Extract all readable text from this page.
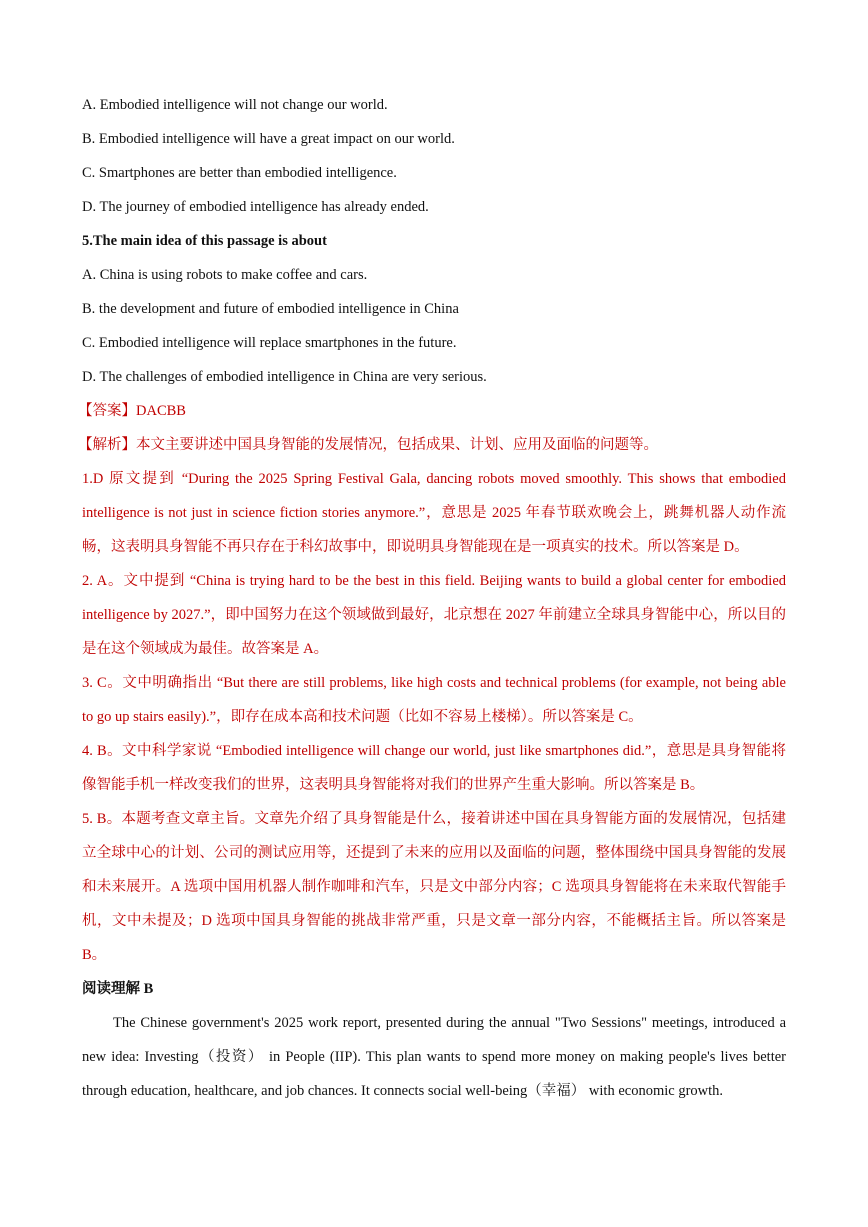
A. Embodied intelligence will not change our world.
B. Embodied intelligence will have a great impact on our world.
C. Smartphones are better than embodied intelligence.
D. The journey of embodied intelligence has already ended.
5.The main idea of this passage is about
A. China is using robots to make coffee and cars.
B. the development and future of embodied intelligence in China
C. Embodied intelligence will replace smartphones in the future.
D. The challenges of embodied intelligence in China are very serious.
【答案】DACBB
【解析】本文主要讲述中国具身智能的发展情况，包括成果、计划、应用及面临的问题等。

1.D 原文提到 “During the 2025 Spring Festival Gala, dancing robots moved smoothly. This shows that embodied intelligence is not just in science fiction stories anymore.”，意思是 2025 年春节联欢晚会上，跳舞机器人动作流畅，这表明具身智能不再只存在于科幻故事中，即说明具身智能现在是一项真实的技术。所以答案是 D。

2. A。文中提到 “China is trying hard to be the best in this field. Beijing wants to build a global center for embodied intelligence by 2027.”，即中国努力在这个领域做到最好，北京想在 2027 年前建立全球具身智能中心，所以目的是在这个领域成为最佳。故答案是 A。

3. C。文中明确指出 “But there are still problems, like high costs and technical problems (for example, not being able to go up stairs easily).”，即存在成本高和技术问题（比如不容易上楼梯）。所以答案是 C。

4. B。文中科学家说 “Embodied intelligence will change our world, just like smartphones did.”，意思是具身智能将像智能手机一样改变我们的世界，这表明具身智能将对我们的世界产生重大影响。所以答案是 B。

5. B。本题考查文章主旨。文章先介绍了具身智能是什么，接着讲述中国在具身智能方面的发展情况，包括建立全球中心的计划、公司的测试应用等，还提到了未来的应用以及面临的问题，整体围绕中国具身智能的发展和未来展开。A 选项中国用机器人制作咖啡和汽车，只是文中部分内容；C 选项具身智能将在未来取代智能手机，文中未提及；D 选项中国具身智能的挑战非常严重，只是文章一部分内容，不能概括主旨。所以答案是 B。

阅读理解 B

The Chinese government's 2025 work report, presented during the annual "Two Sessions" meetings, introduced a new idea: Investing（投资） in People (IIP). This plan wants to spend more money on making people's lives better through education, healthcare, and job chances. It connects social well-being（幸福） with economic growth.
